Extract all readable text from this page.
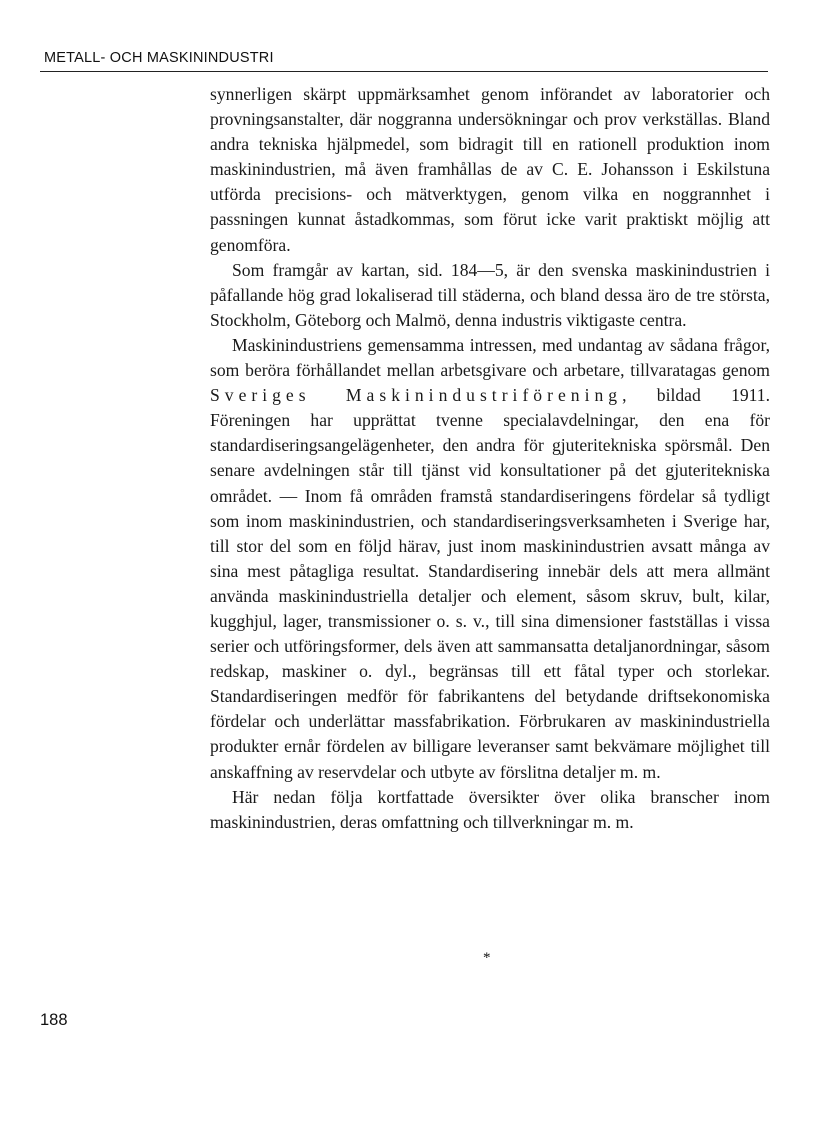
METALL- OCH MASKININDUSTRI

synnerligen skärpt uppmärksamhet genom införandet av laboratorier och provningsanstalter, där noggranna undersökningar och prov verkställas. Bland andra tekniska hjälpmedel, som bidragit till en rationell produktion inom maskinindustrien, må även framhållas de av C. E. Johansson i Eskilstuna utförda precisions- och mätverktygen, genom vilka en noggrannhet i passningen kunnat åstadkommas, som förut icke varit praktiskt möjlig att genomföra.

Som framgår av kartan, sid. 184—5, är den svenska maskinindustrien i påfallande hög grad lokaliserad till städerna, och bland dessa äro de tre största, Stockholm, Göteborg och Malmö, denna industris viktigaste centra.

Maskinindustriens gemensamma intressen, med undantag av sådana frågor, som beröra förhållandet mellan arbetsgivare och arbetare, tillvaratagas genom Sveriges Maskinindustriförening, bildad 1911. Föreningen har upprättat tvenne specialavdelningar, den ena för standardiseringsangelägenheter, den andra för gjuteritekniska spörsmål. Den senare avdelningen står till tjänst vid konsultationer på det gjuteritekniska området. — Inom få områden framstå standardiseringens fördelar så tydligt som inom maskinindustrien, och standardiseringsverksamheten i Sverige har, till stor del som en följd härav, just inom maskinindustrien avsatt många av sina mest påtagliga resultat. Standardisering innebär dels att mera allmänt använda maskinindustriella detaljer och element, såsom skruv, bult, kilar, kugghjul, lager, transmissioner o. s. v., till sina dimensioner fastställas i vissa serier och utföringsformer, dels även att sammansatta detaljanordningar, såsom redskap, maskiner o. dyl., begränsas till ett fåtal typer och storlekar. Standardiseringen medför för fabrikantens del betydande driftsekonomiska fördelar och underlättar massfabrikation. Förbrukaren av maskinindustriella produkter ernår fördelen av billigare leveranser samt bekvämare möjlighet till anskaffning av reservdelar och utbyte av förslitna detaljer m. m.

Här nedan följa kortfattade översikter över olika branscher inom maskinindustrien, deras omfattning och tillverkningar m. m.

*
188
